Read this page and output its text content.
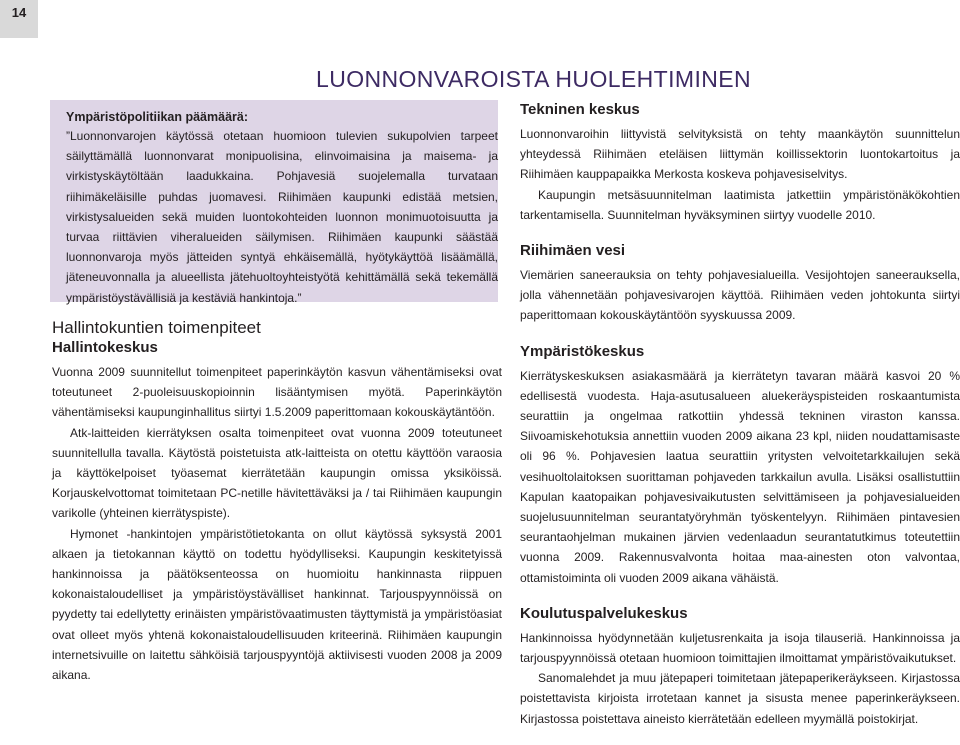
14
LUONNONVAROISTA HUOLEHTIMINEN

Ympäristöpolitiikan päämäärä:

”Luonnonvarojen käytössä otetaan huomioon tulevien sukupolvien tarpeet säilyttämällä luonnonvarat monipuolisina, elinvoimaisina ja maisema- ja virkistyskäytöltään laadukkaina. Pohjavesiä suojelemalla turvataan riihimäkeläisille puhdas juomavesi. Riihimäen kaupunki edistää metsien, virkistysalueiden sekä muiden luontokohteiden luonnon monimuotoisuutta ja turvaa riittävien viheralueiden säilymisen. Riihimäen kaupunki säästää luonnonvaroja myös jätteiden syntyä ehkäisemällä, hyötykäyttöä lisäämällä, jäteneuvonnalla ja alueellista jätehuoltoyhteistyötä kehittämällä sekä tekemällä ympäristöystävällisiä ja kestäviä hankintoja.”

Hallintokuntien toimenpiteet
Hallintokeskus

Vuonna 2009 suunnitellut toimenpiteet paperinkäytön kasvun vähentämiseksi ovat toteutuneet 2-puoleisuuskopioinnin lisääntymisen myötä. Paperinkäytön vähentämiseksi kaupunginhallitus siirtyi 1.5.2009 paperittomaan kokouskäytäntöön.

Atk-laitteiden kierrätyksen osalta toimenpiteet ovat vuonna 2009 toteutuneet suunnitellulla tavalla. Käytöstä poistetuista atk-laitteista on otettu käyttöön varaosia ja käyttökelpoiset työasemat kierrätetään kaupungin omissa yksiköissä. Korjauskelvottomat toimitetaan PC-netille hävitettäväksi ja / tai Riihimäen kaupungin varikolle (yhteinen kierrätyspiste).

Hymonet -hankintojen ympäristötietokanta on ollut käytössä syksystä 2001 alkaen ja tietokannan käyttö on todettu hyödylliseksi. Kaupungin keskitetyissä hankinnoissa ja päätöksenteossa on huomioitu hankinnasta riippuen kokonaistaloudelliset ja ympäristöystävälliset hankinnat. Tarjouspyynnöissä on pyydetty tai edellytetty erinäisten ympäristövaatimusten täyttymistä ja ympäristöasiat ovat olleet myös yhtenä kokonaistaloudellisuuden kriteerinä. Riihimäen kaupungin internetsivuille on laitettu sähköisiä tarjouspyyntöjä aktiivisesti vuoden 2008 ja 2009 aikana.

Tekninen keskus

Luonnonvaroihin liittyvistä selvityksistä on tehty maankäytön suunnittelun yhteydessä Riihimäen eteläisen liittymän koillissektorin luontokartoitus ja Riihimäen kauppapaikka Merkosta koskeva pohjavesiselvitys.

Kaupungin metsäsuunnitelman laatimista jatkettiin ympäristönäkökohtien tarkentamisella. Suunnitelman hyväksyminen siirtyy vuodelle 2010.

Riihimäen vesi

Viemärien saneerauksia on tehty pohjavesialueilla. Vesijohtojen saneerauksella, jolla vähennetään pohjavesivarojen käyttöä. Riihimäen veden johtokunta siirtyi paperittomaan kokouskäytäntöön syyskuussa 2009.

Ympäristökeskus

Kierrätyskeskuksen asiakasmäärä ja kierrätetyn tavaran määrä kasvoi 20 % edellisestä vuodesta. Haja-asutusalueen aluekeräyspisteiden roskaantumista seurattiin ja ongelmaa ratkottiin yhdessä tekninen viraston kanssa. Siivoamiskehotuksia annettiin vuoden 2009 aikana 23 kpl, niiden noudattamisaste oli 96 %. Pohjavesien laatua seurattiin yritysten velvoitetarkkailujen sekä vesihuoltolaitoksen suorittaman pohjaveden tarkkailun avulla. Lisäksi osallistuttiin Kapulan kaatopaikan pohjavesivaikutusten selvittämiseen ja pohjavesialueiden suojelusuunnitelman seurantatyöryhmän työskentelyyn. Riihimäen pintavesien seurantaohjelman mukainen järvien vedenlaadun seurantatutkimus toteutettiin vuonna 2009. Rakennusvalvonta hoitaa maa-ainesten oton valvontaa, ottamistoiminta oli vuoden 2009 aikana vähäistä.

Koulutuspalvelukeskus

Hankinnoissa hyödynnetään kuljetusrenkaita ja isoja tilauseriä. Hankinnoissa ja tarjouspyynnöissä otetaan huomioon toimittajien ilmoittamat ympäristövaikutukset.

Sanomalehdet ja muu jätepaperi toimitetaan jätepaperikeräykseen. Kirjastossa poistettavista kirjoista irrotetaan kannet ja sisusta menee paperinkeräykseen. Kirjastossa poistettava aineisto kierrätetään edelleen myymällä poistokirjat.
